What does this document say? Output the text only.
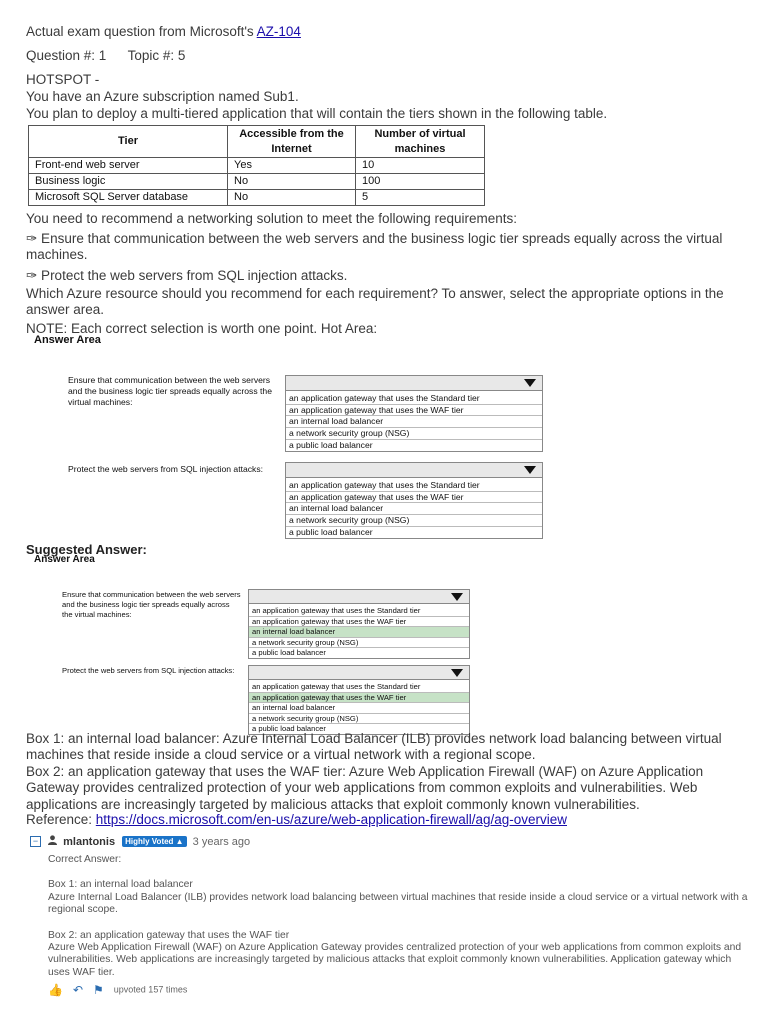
Actual exam question from Microsoft's AZ-104
Question #: 1 Topic #: 5
HOTSPOT -
You have an Azure subscription named Sub1.
You plan to deploy a multi-tiered application that will contain the tiers shown in the following table.
Tier	Accessible from the Internet	Number of virtual machines
Front-end web server	Yes	10
Business logic	No	100
Microsoft SQL Server database	No	5
You need to recommend a networking solution to meet the following requirements:
✑ Ensure that communication between the web servers and the business logic tier spreads equally across the virtual machines.
✑ Protect the web servers from SQL injection attacks.
Which Azure resource should you recommend for each requirement? To answer, select the appropriate options in the answer area.
NOTE: Each correct selection is worth one point. Hot Area:
Answer Area
Ensure that communication between the web servers and the business logic tier spreads equally across the virtual machines:	an application gateway that uses the Standard tier
an application gateway that uses the WAF tier
an internal load balancer
a network security group (NSG)
a public load balancer
Protect the web servers from SQL injection attacks:
an application gateway that uses the Standard tier
an application gateway that uses the WAF tier
an internal load balancer
a network security group (NSG)
a public load balancer
Suggested Answer:
Answer Area
Ensure that communication between the web servers and the business logic tier spreads equally across the virtual machines:	an application gateway that uses the Standard tier
an application gateway that uses the WAF tier
an internal load balancer
a network security group (NSG)
a public load balancer
Protect the web servers from SQL injection attacks:
an application gateway that uses the Standard tier
an application gateway that uses the WAF tier
an internal load balancer
a network security group (NSG)
a public load balancer
Box 1: an internal load balancer: Azure Internal Load Balancer (ILB) provides network load balancing between virtual machines that reside inside a cloud service or a virtual network with a regional scope.
Box 2: an application gateway that uses the WAF tier: Azure Web Application Firewall (WAF) on Azure Application Gateway provides centralized protection of your web applications from common exploits and vulnerabilities. Web applications are increasingly targeted by malicious attacks that exploit commonly known vulnerabilities.
Reference: https://docs.microsoft.com/en-us/azure/web-application-firewall/ag/ag-overview
− mlantonis Highly Voted ▲ 3 years ago
Correct Answer:
Box 1: an internal load balancer
Azure Internal Load Balancer (ILB) provides network load balancing between virtual machines that reside inside a cloud service or a virtual network with a regional scope.
Box 2: an application gateway that uses the WAF tier
Azure Web Application Firewall (WAF) on Azure Application Gateway provides centralized protection of your web applications from common exploits and vulnerabilities. Web applications are increasingly targeted by malicious attacks that exploit commonly known vulnerabilities. Application gateway which uses WAF tier.
👍 ↶ ⚑ upvoted 157 times
